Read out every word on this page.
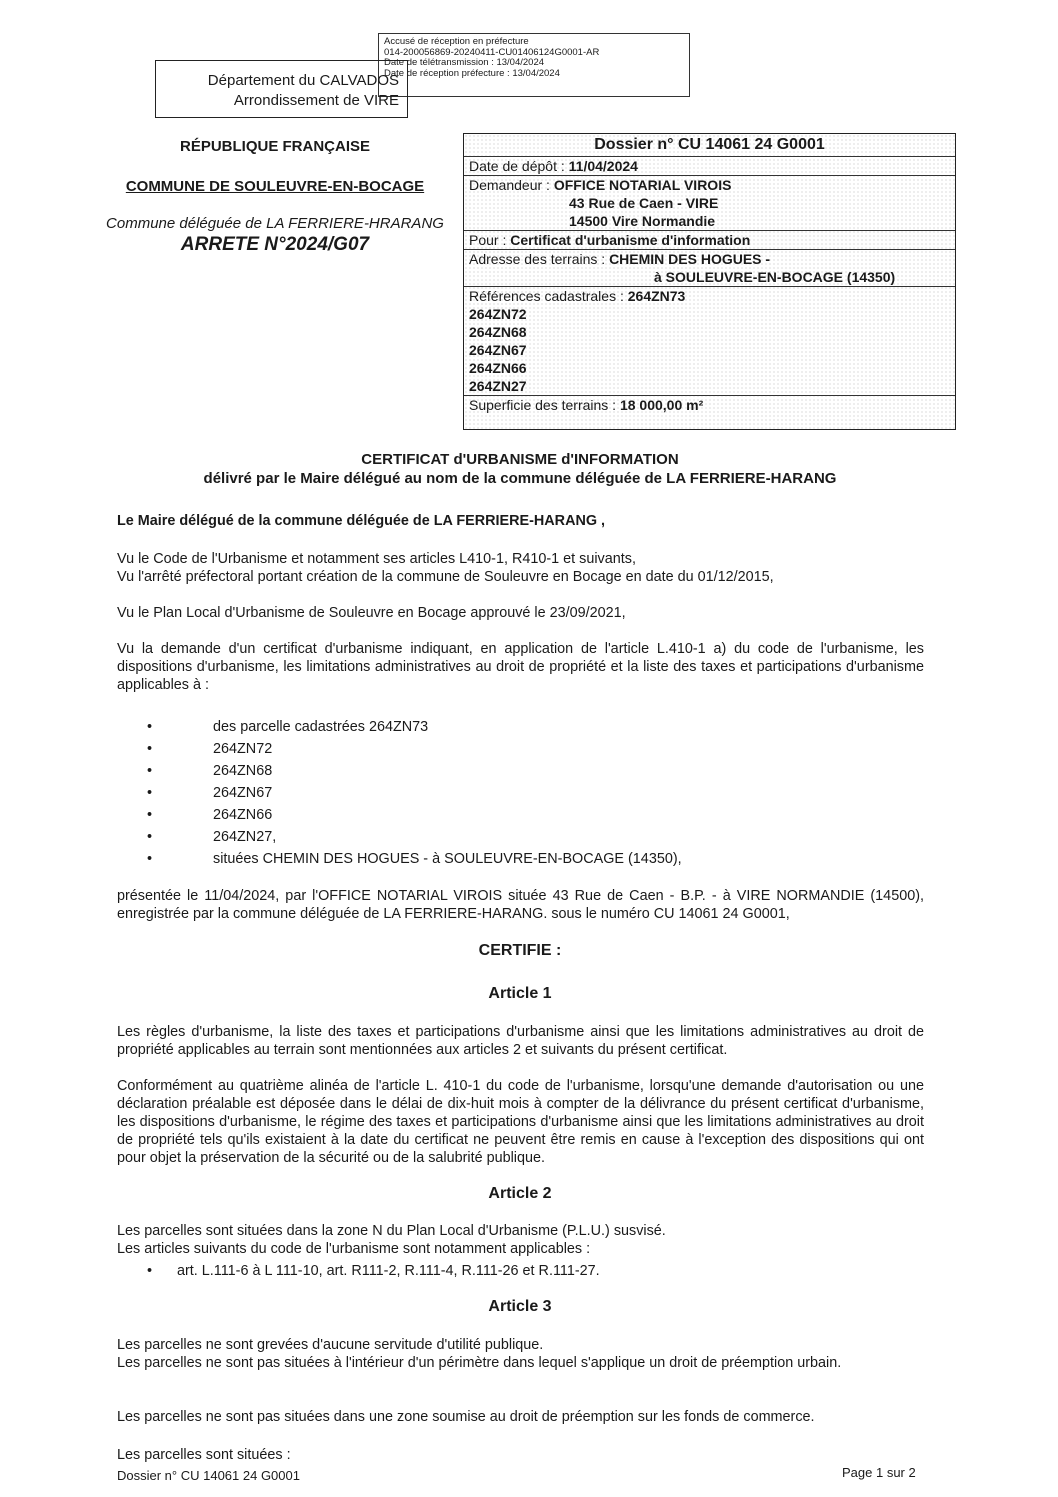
Accusé de réception en préfecture
014-200056869-20240411-CU01406124G0001-AR
Date de télétransmission : 13/04/2024
Date de réception préfecture : 13/04/2024
Département du CALVADOS
Arrondissement de VIRE
RÉPUBLIQUE FRANÇAISE
COMMUNE DE SOULEUVRE-EN-BOCAGE
Commune déléguée de LA FERRIERE-HRARANG
ARRETE N°2024/G07
Dossier n° CU 14061 24 G0001
Date de dépôt : 11/04/2024
Demandeur : OFFICE NOTARIAL VIROIS
43 Rue de Caen - VIRE
14500 Vire Normandie
Pour : Certificat d'urbanisme d'information
Adresse des terrains : CHEMIN DES HOGUES -
à SOULEUVRE-EN-BOCAGE (14350)
Références cadastrales : 264ZN73
264ZN72
264ZN68
264ZN67
264ZN66
264ZN27
Superficie des terrains : 18 000,00 m²
CERTIFICAT d'URBANISME d'INFORMATION
délivré par le Maire délégué au nom de la commune déléguée de LA FERRIERE-HARANG
Le Maire délégué de la commune déléguée de LA FERRIERE-HARANG ,
Vu le Code de l'Urbanisme et notamment ses articles L410-1, R410-1 et suivants,
Vu l'arrêté préfectoral portant création de la commune de Souleuvre en Bocage en date du 01/12/2015,
Vu le Plan Local d'Urbanisme de Souleuvre en Bocage approuvé le 23/09/2021,
Vu la demande d'un certificat d'urbanisme indiquant, en application de l'article L.410-1 a) du code de l'urbanisme, les dispositions d'urbanisme, les limitations administratives au droit de propriété et la liste des taxes et participations d'urbanisme applicables à :
•	des parcelle cadastrées 264ZN73
•	264ZN72
•	264ZN68
•	264ZN67
•	264ZN66
•	264ZN27,
•	situées CHEMIN DES HOGUES - à SOULEUVRE-EN-BOCAGE (14350),
présentée le 11/04/2024, par l'OFFICE NOTARIAL VIROIS située 43 Rue de Caen - B.P. - à VIRE NORMANDIE (14500), enregistrée par la commune déléguée de LA FERRIERE-HARANG. sous le numéro CU 14061 24 G0001,
CERTIFIE :
Article 1
Les règles d'urbanisme, la liste des taxes et participations d'urbanisme ainsi que les limitations administratives au droit de propriété applicables au terrain sont mentionnées aux articles 2 et suivants du présent certificat.
Conformément au quatrième alinéa de l'article L. 410-1 du code de l'urbanisme, lorsqu'une demande d'autorisation ou une déclaration préalable est déposée dans le délai de dix-huit mois à compter de la délivrance du présent certificat d'urbanisme, les dispositions d'urbanisme, le régime des taxes et participations d'urbanisme ainsi que les limitations administratives au droit de propriété tels qu'ils existaient à la date du certificat ne peuvent être remis en cause à l'exception des dispositions qui ont pour objet la préservation de la sécurité ou de la salubrité publique.
Article 2
Les parcelles sont situées dans la zone N du Plan Local d'Urbanisme (P.L.U.) susvisé.
Les articles suivants du code de l'urbanisme sont notamment applicables :
• art. L.111-6 à L 111-10, art. R111-2, R.111-4, R.111-26 et R.111-27.
Article 3
Les parcelles ne sont grevées d'aucune servitude d'utilité publique.
Les parcelles ne sont pas situées à l'intérieur d'un périmètre dans lequel s'applique un droit de préemption urbain.
Les parcelles ne sont pas situées dans une zone soumise au droit de préemption sur les fonds de commerce.
Les parcelles sont situées :
Dossier n° CU 14061 24 G0001	Page 1 sur 2
